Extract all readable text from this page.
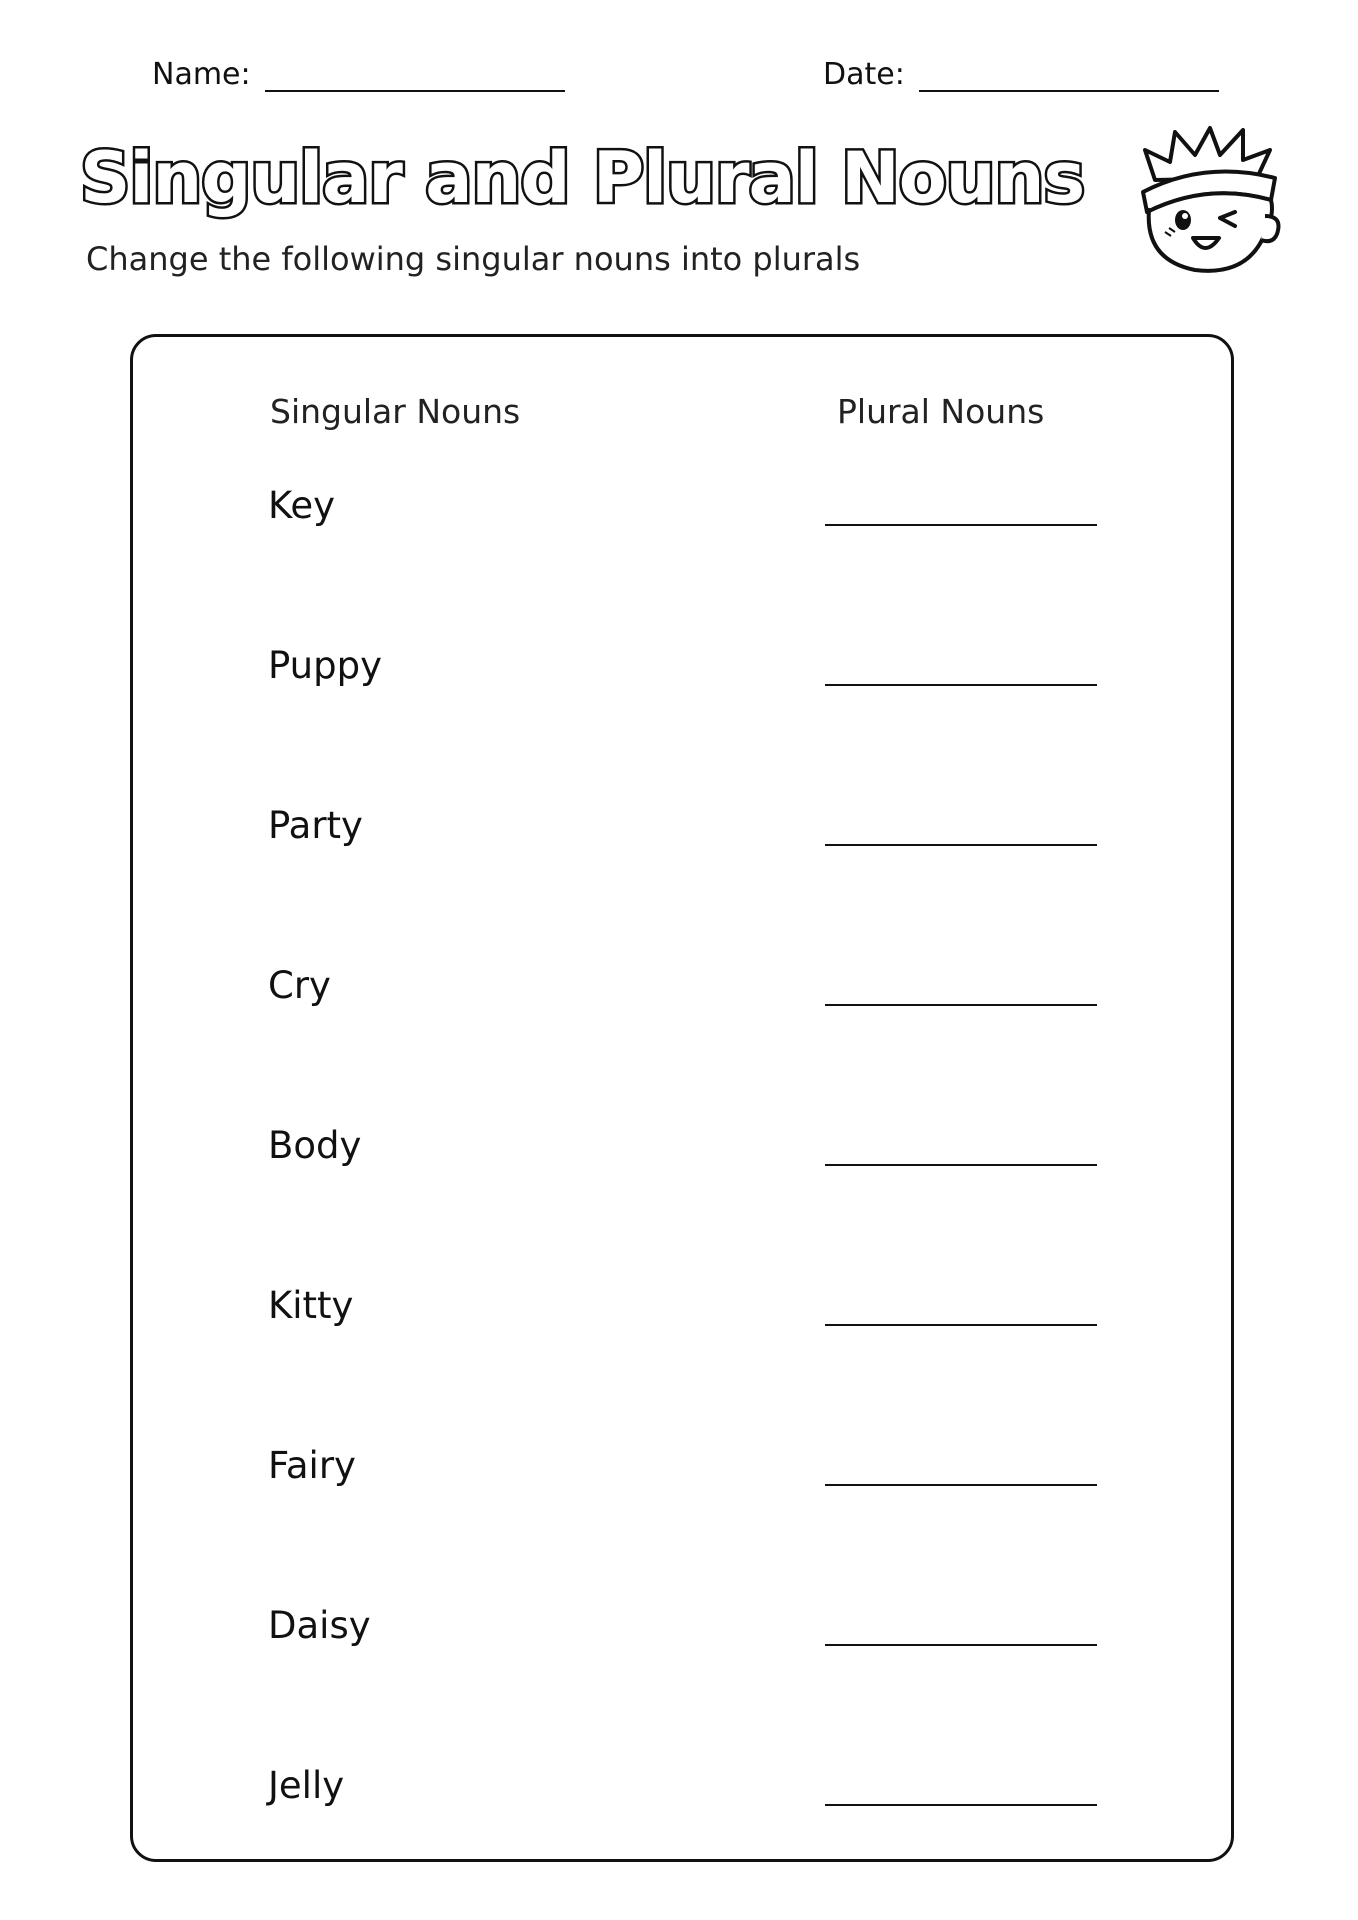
Name:	Date:
Singular and Plural Nouns
Change the following singular nouns into plurals
Singular Nouns	Plural Nouns
Key
Puppy
Party
Cry
Body
Kitty
Fairy
Daisy
Jelly
